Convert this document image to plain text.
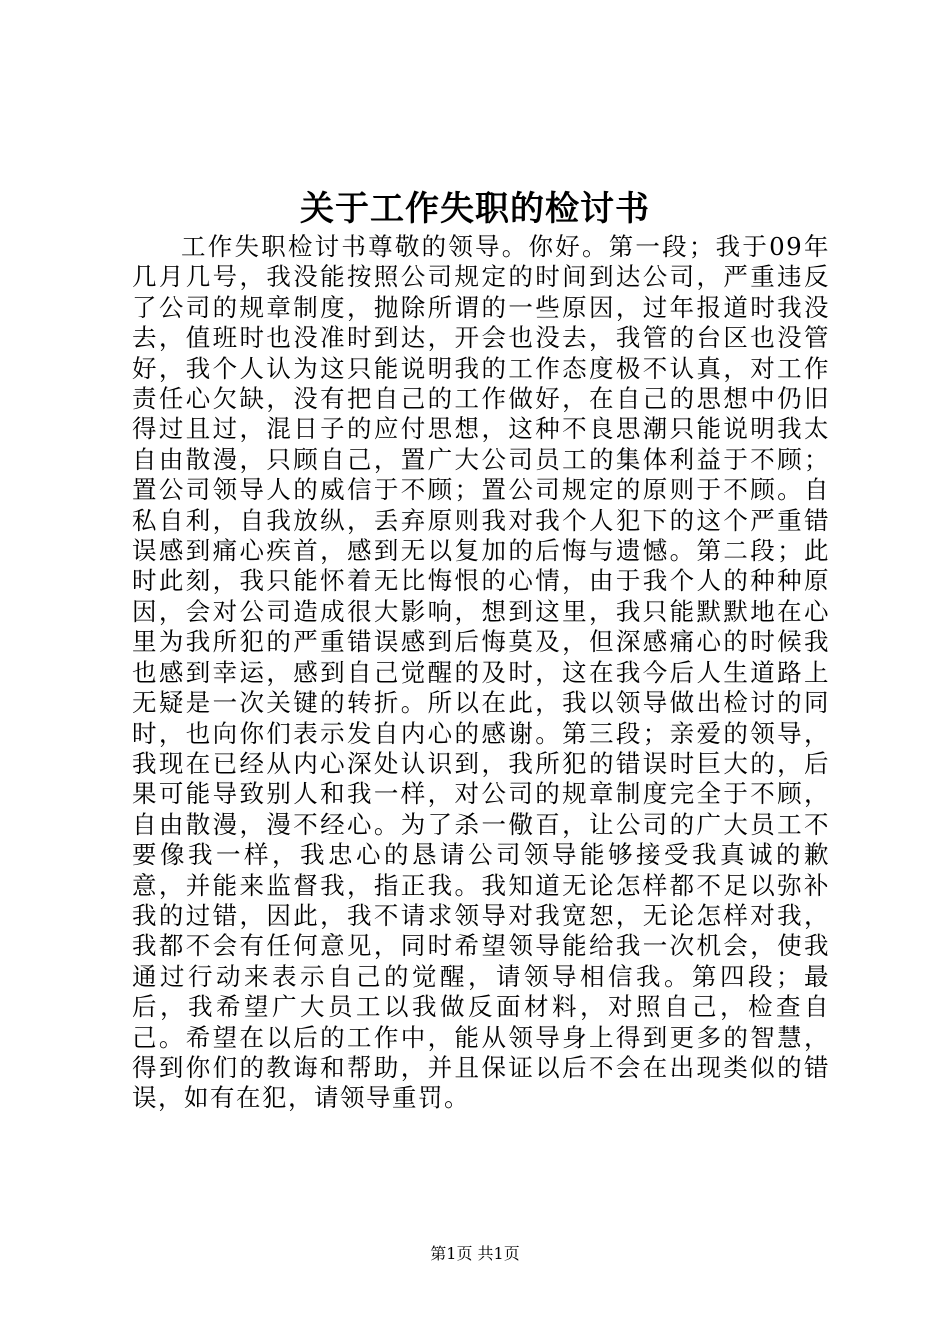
关于工作失职的检讨书

工作失职检讨书尊敬的领导。你好。第一段；我于09年几月几号，我没能按照公司规定的时间到达公司，严重违反了公司的规章制度，抛除所谓的一些原因，过年报道时我没去，值班时也没准时到达，开会也没去，我管的台区也没管好，我个人认为这只能说明我的工作态度极不认真，对工作责任心欠缺，没有把自己的工作做好，在自己的思想中仍旧得过且过，混日子的应付思想，这种不良思潮只能说明我太自由散漫，只顾自己，置广大公司员工的集体利益于不顾；置公司领导人的威信于不顾；置公司规定的原则于不顾。自私自利，自我放纵，丢弃原则我对我个人犯下的这个严重错误感到痛心疾首，感到无以复加的后悔与遗憾。第二段；此时此刻，我只能怀着无比悔恨的心情，由于我个人的种种原因，会对公司造成很大影响，想到这里，我只能默默地在心里为我所犯的严重错误感到后悔莫及，但深感痛心的时候我也感到幸运，感到自己觉醒的及时，这在我今后人生道路上无疑是一次关键的转折。所以在此，我以领导做出检讨的同时，也向你们表示发自内心的感谢。第三段；亲爱的领导，我现在已经从内心深处认识到，我所犯的错误时巨大的，后果可能导致别人和我一样，对公司的规章制度完全于不顾，自由散漫，漫不经心。为了杀一儆百，让公司的广大员工不要像我一样，我忠心的恳请公司领导能够接受我真诚的歉意，并能来监督我，指正我。我知道无论怎样都不足以弥补我的过错，因此，我不请求领导对我宽恕，无论怎样对我，我都不会有任何意见，同时希望领导能给我一次机会，使我通过行动来表示自己的觉醒，请领导相信我。第四段；最后，我希望广大员工以我做反面材料，对照自己，检查自己。希望在以后的工作中，能从领导身上得到更多的智慧，得到你们的教诲和帮助，并且保证以后不会在出现类似的错误，如有在犯，请领导重罚。

第1页 共1页
